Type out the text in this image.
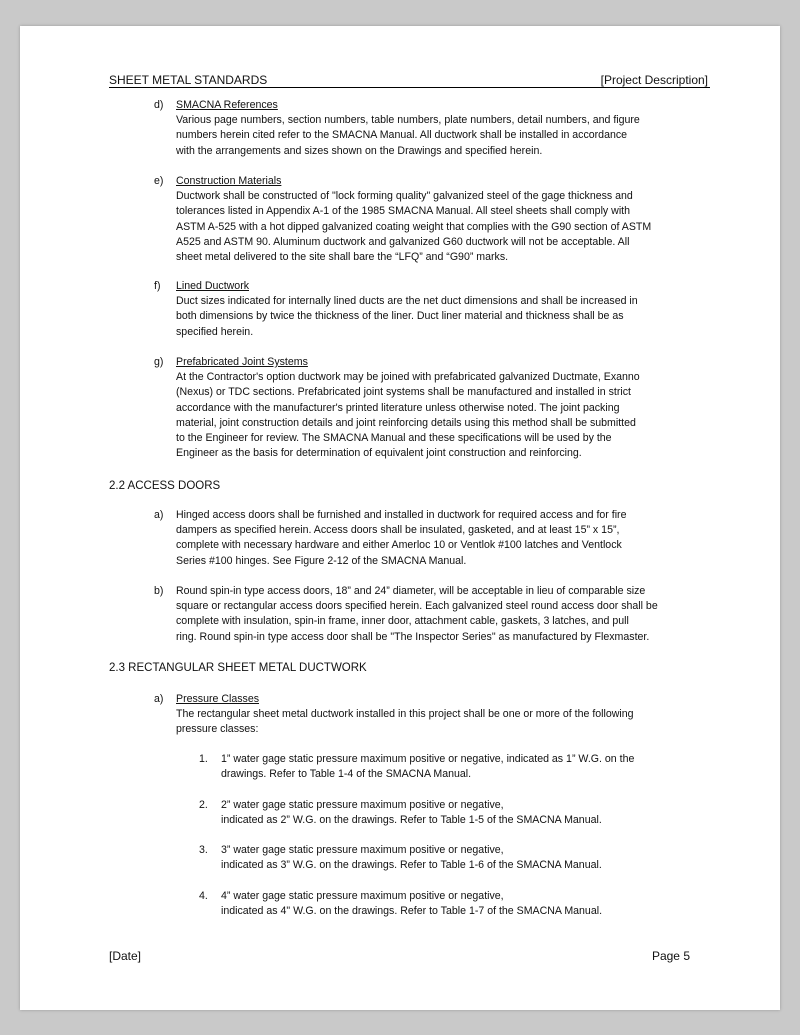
SHEET METAL STANDARDS	[Project Description]
d)	SMACNA References

Various page numbers, section numbers, table numbers, plate numbers, detail numbers, and figure

numbers herein cited refer to the SMACNA Manual. All ductwork shall be installed in accordance

with the arrangements and sizes shown on the Drawings and specified herein.

e)	Construction Materials

Ductwork shall be constructed of "lock forming quality" galvanized steel of the gage thickness and

tolerances listed in Appendix A-1 of the 1985 SMACNA Manual. All steel sheets shall comply with

ASTM A-525 with a hot dipped galvanized coating weight that complies with the G90 section of ASTM

A525 and ASTM 90. Aluminum ductwork and galvanized G60 ductwork will not be acceptable. All

sheet metal delivered to the site shall bare the “LFQ” and “G90” marks.

f)	Lined Ductwork

Duct sizes indicated for internally lined ducts are the net duct dimensions and shall be increased in

both dimensions by twice the thickness of the liner. Duct liner material and thickness shall be as

specified herein.

g)	Prefabricated Joint Systems

At the Contractor's option ductwork may be joined with prefabricated galvanized Ductmate, Exanno

(Nexus) or TDC sections. Prefabricated joint systems shall be manufactured and installed in strict

accordance with the manufacturer's printed literature unless otherwise noted. The joint packing

material, joint construction details and joint reinforcing details using this method shall be submitted

to the Engineer for review. The SMACNA Manual and these specifications will be used by the

Engineer as the basis for determination of equivalent joint construction and reinforcing.

2.2 ACCESS DOORS
a)	Hinged access doors shall be furnished and installed in ductwork for required access and for fire

dampers as specified herein. Access doors shall be insulated, gasketed, and at least 15” x 15”,

complete with necessary hardware and either Amerloc 10 or Ventlok #100 latches and Ventlock

Series #100 hinges. See Figure 2-12 of the SMACNA Manual.

b)	Round spin-in type access doors, 18” and 24” diameter, will be acceptable in lieu of comparable size

square or rectangular access doors specified herein. Each galvanized steel round access door shall be

complete with insulation, spin-in frame, inner door, attachment cable, gaskets, 3 latches, and pull

ring. Round spin-in type access door shall be "The Inspector Series" as manufactured by Flexmaster.

2.3 RECTANGULAR SHEET METAL DUCTWORK
a)	Pressure Classes

The rectangular sheet metal ductwork installed in this project shall be one or more of the following

pressure classes:

1.	1” water gage static pressure maximum positive or negative, indicated as 1” W.G. on the

drawings. Refer to Table 1-4 of the SMACNA Manual.

2.	2” water gage static pressure maximum positive or negative,

indicated as 2” W.G. on the drawings. Refer to Table 1-5 of the SMACNA Manual.

3.	3” water gage static pressure maximum positive or negative,

indicated as 3” W.G. on the drawings. Refer to Table 1-6 of the SMACNA Manual.

4.	4” water gage static pressure maximum positive or negative,

indicated as 4" W.G. on the drawings. Refer to Table 1-7 of the SMACNA Manual.

[Date]	Page 5
